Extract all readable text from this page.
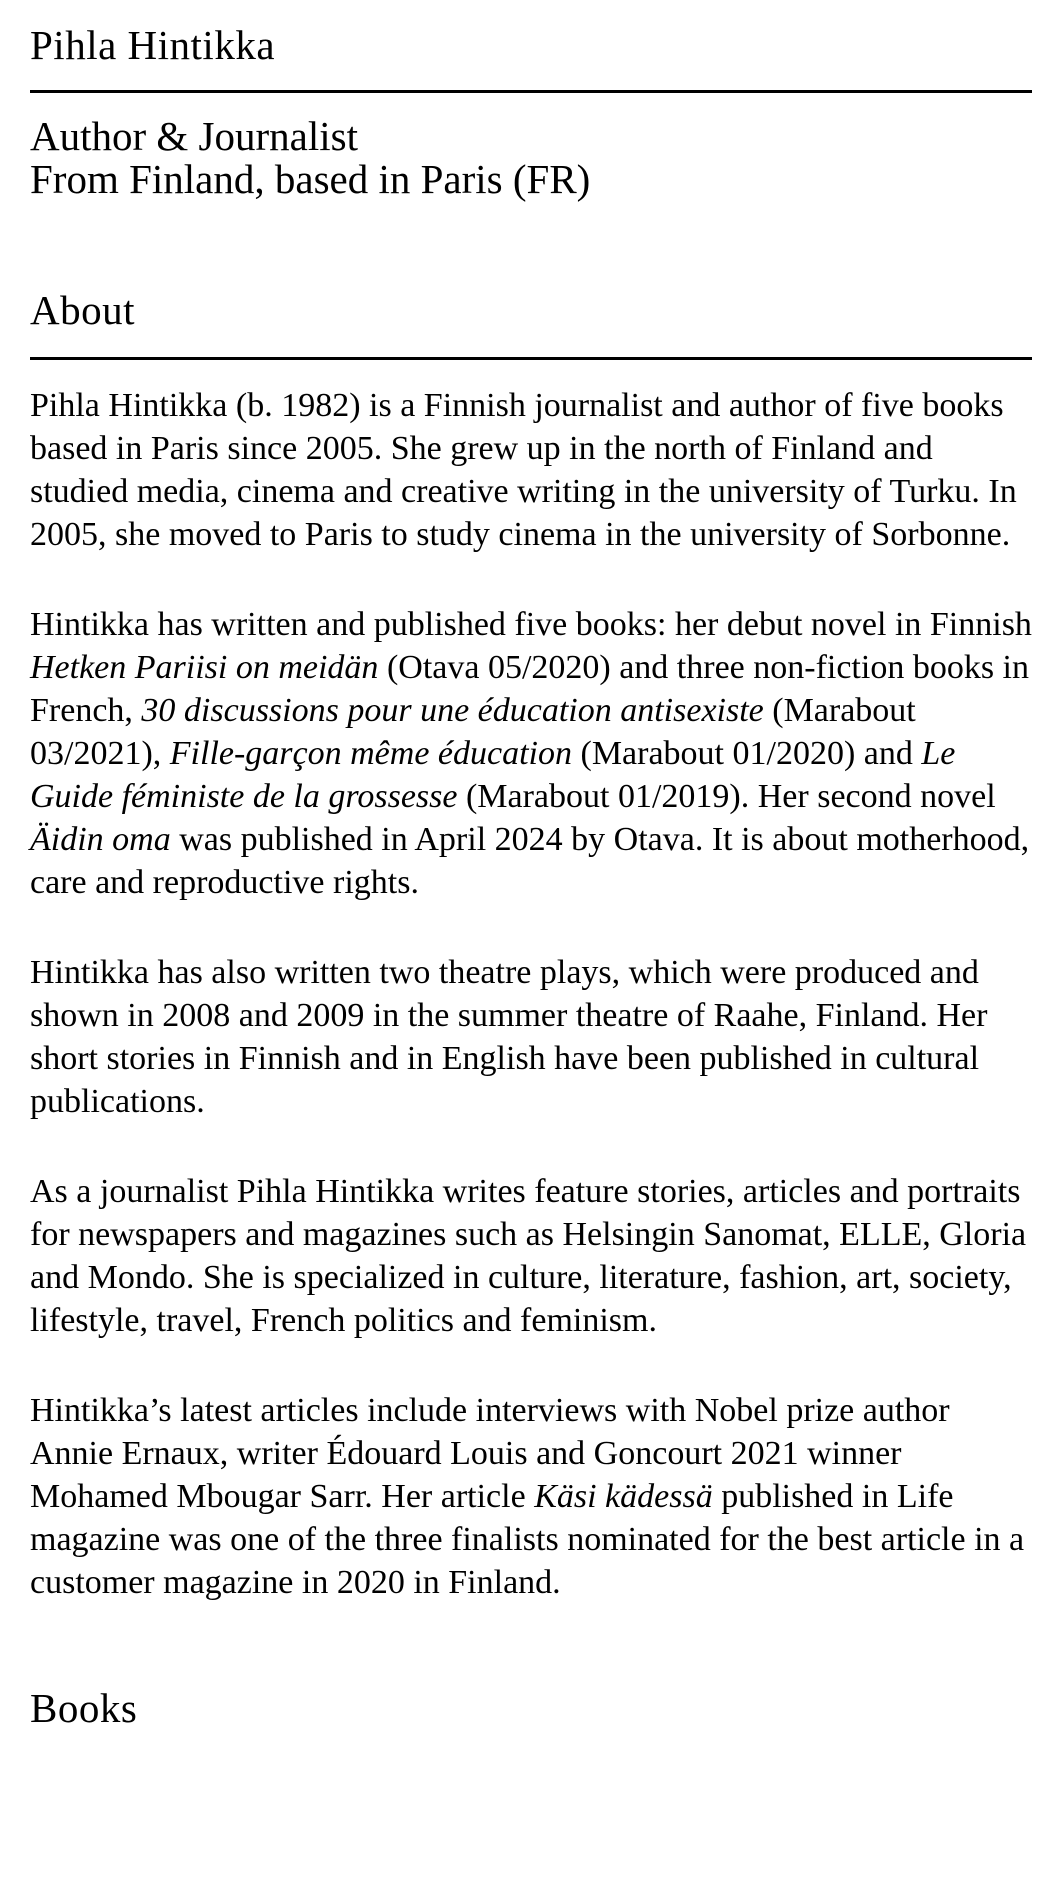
Pihla Hintikka
Author & Journalist
From Finland, based in Paris (FR)
About

Pihla Hintikka (b. 1982) is a Finnish journalist and author of five books based in Paris since 2005. She grew up in the north of Finland and studied media, cinema and creative writing in the university of Turku. In 2005, she moved to Paris to study cinema in the university of Sorbonne.

Hintikka has written and published five books: her debut novel in Finnish Hetken Pariisi on meidän (Otava 05/2020) and three non-fiction books in French, 30 discussions pour une éducation antisexiste (Marabout 03/2021), Fille-garçon même éducation (Marabout 01/2020) and Le Guide féministe de la grossesse (Marabout 01/2019). Her second novel Äidin oma was published in April 2024 by Otava. It is about motherhood, care and reproductive rights.

Hintikka has also written two theatre plays, which were produced and shown in 2008 and 2009 in the summer theatre of Raahe, Finland. Her short stories in Finnish and in English have been published in cultural publications.

As a journalist Pihla Hintikka writes feature stories, articles and portraits for newspapers and magazines such as Helsingin Sanomat, ELLE, Gloria and Mondo. She is specialized in culture, literature, fashion, art, society, lifestyle, travel, French politics and feminism.

Hintikka’s latest articles include interviews with Nobel prize author Annie Ernaux, writer Édouard Louis and Goncourt 2021 winner Mohamed Mbougar Sarr. Her article Käsi kädessä published in Life magazine was one of the three finalists nominated for the best article in a customer magazine in 2020 in Finland.

Books
